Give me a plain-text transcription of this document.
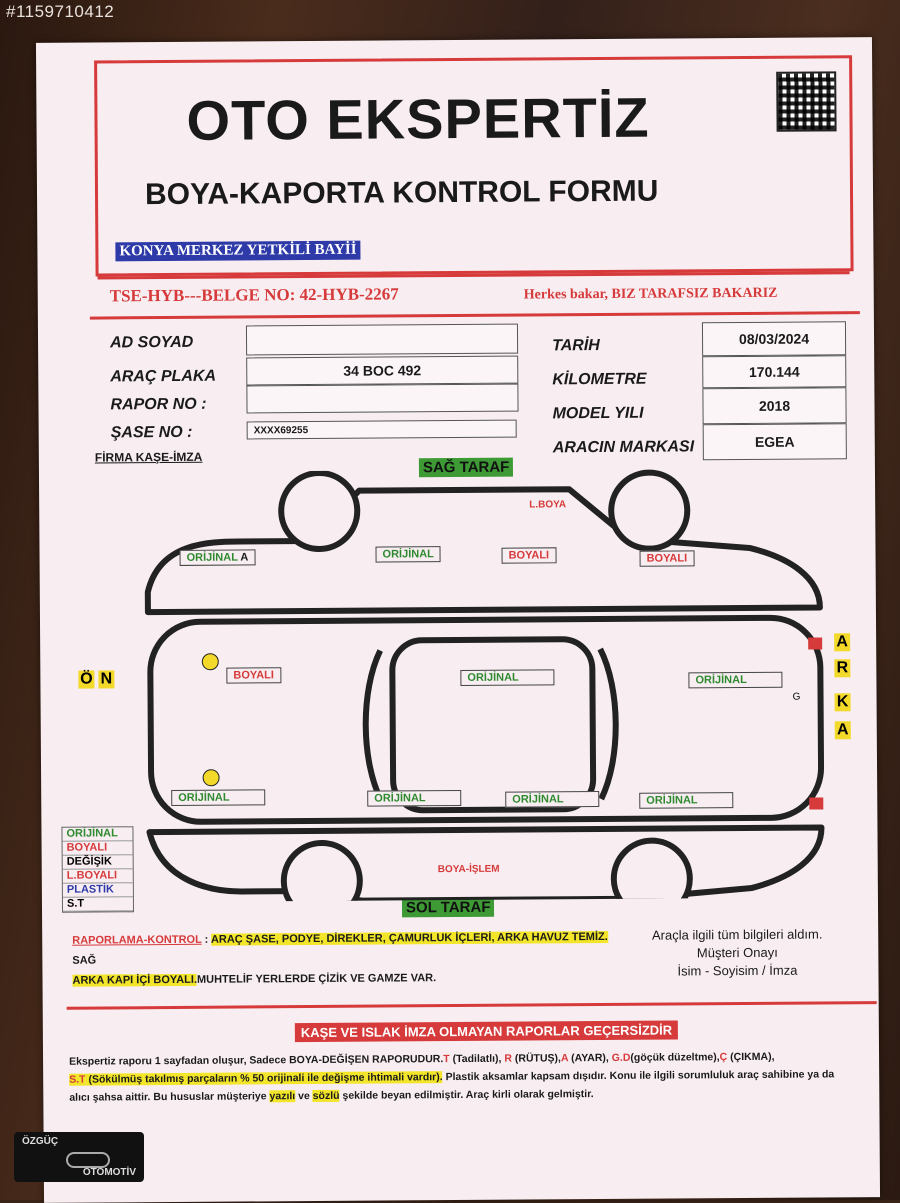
#1159710412
OTO EKSPERTİZ
BOYA-KAPORTA KONTROL FORMU
KONYA MERKEZ YETKİLİ BAYİİ
TSE-HYB---BELGE NO: 42-HYB-2267	Herkes bakar, BIZ TARAFSIZ BAKARIZ
AD SOYAD
ARAÇ PLAKA	34 BOC 492
RAPOR NO :
ŞASE NO :	XXXX69255
FİRMA KAŞE-İMZA
TARİH	08/03/2024
KİLOMETRE	170.144
MODEL YILI	2018
ARACIN MARKASI	EGEA
SAĞ TARAF
SOL TARAF
ORİJİNAL A	ORİJİNAL	BOYALI	BOYALI
L.BOYA
BOYALI	ORİJİNAL	ORİJİNAL
G
ORİJİNAL	ORİJİNAL	ORİJİNAL	ORİJİNAL
BOYA-İŞLEM
Ö N
A
R
K
A
ORİJİNAL
BOYALI
DEĞİŞİK
L.BOYALI
PLASTİK
S.T
RAPORLAMA-KONTROL : ARAÇ ŞASE, PODYE, DİREKLER, ÇAMURLUK İÇLERİ, ARKA HAVUZ TEMİZ. SAĞ
ARKA KAPI İÇİ BOYALI.MUHTELİF YERLERDE ÇİZİK VE GAMZE VAR.
Araçla ilgili tüm bilgileri aldım.
Müşteri Onayı
İsim - Soyisim / İmza
KAŞE VE ISLAK İMZA OLMAYAN RAPORLAR GEÇERSİZDİR
Ekspertiz raporu 1 sayfadan oluşur, Sadece BOYA-DEĞİŞEN RAPORUDUR.T (Tadilatlı), R (RÜTUŞ),A (AYAR), G.D(göçük düzeltme),Ç (ÇIKMA),
S.T (Sökülmüş takılmış parçaların % 50 orijinali ile değişme ihtimali vardır). Plastik aksamlar kapsam dışıdır. Konu ile ilgili sorumluluk araç sahibine ya da alıcı şahsa aittir. Bu hususlar müşteriye yazılı ve sözlü şekilde beyan edilmiştir. Araç kirli olarak gelmiştir.
ÖZGÜÇ
OTOMOTİV
